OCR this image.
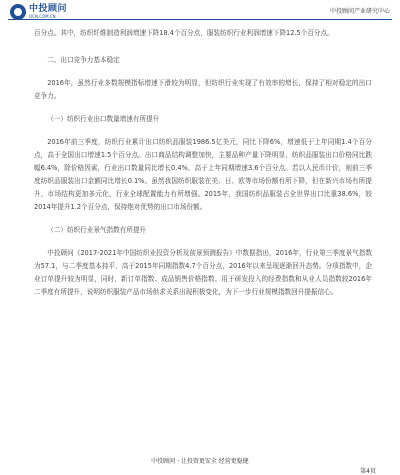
中投顾问
OCN.COM.CN
中投顾问产业研究中心

百分点。其中，纺织纤维制造利润增速下降18.4个百分点，服装纺织行业利润增速下降12.5个百分点。

二、出口竞争力基本稳定

2016年，虽然行业多数规模指标增速下滑较为明显，但纺织行业实现了有效率的增长，保持了相对稳定的出口竞争力。

（一）纺织行业出口数量增速有所提升

2016年前三季度，纺织行业累计出口纺织品服装1986.5亿美元，同比下降6%，增速低于上年同期1.4个百分点，高于全国出口增速1.5个百分点。出口商品结构调整加快，主要品种产量下降明显，纺织品服装出口价格同比跌幅6.4%，除价格因素，行业出口数量同比增长0.4%，高于上年同期增速3.6个百分点。若以人民币计价，则前三季度纺织品服装出口金额同比增长0.1%。虽然我国纺织服装在美、日、欧等市场份额有所下降，但在新兴市场有所提升，市场结构更加多元化，行业全球配置能力有所增强。2015年，我国纺织品服装占全世界出口比重38.6%，较2014年提升1.2个百分点，保持绝对优势的出口市场份额。

（二）纺织行业景气指数有所提升

中投顾问《2017-2021年中国纺织业投资分析及前景预测报告》中数据指出，2016年，行业第三季度景气指数为57.1，与二季度基本持平，高于2015年同期指数4.7个百分点，2016年以来呈现逐渐回升态势。分项指数中，企业订单提升较为明显，同时，新订单指数、成品销售价格指数、用于研发投入的经费指数和从业人员指数较2016年二季度有所提升，说明纺织服装产品市场供求关系出现积极变化，为下一步行业规模指数回升提振信心。

中投顾问 · 让投资更安全 经营更稳健
第4页
